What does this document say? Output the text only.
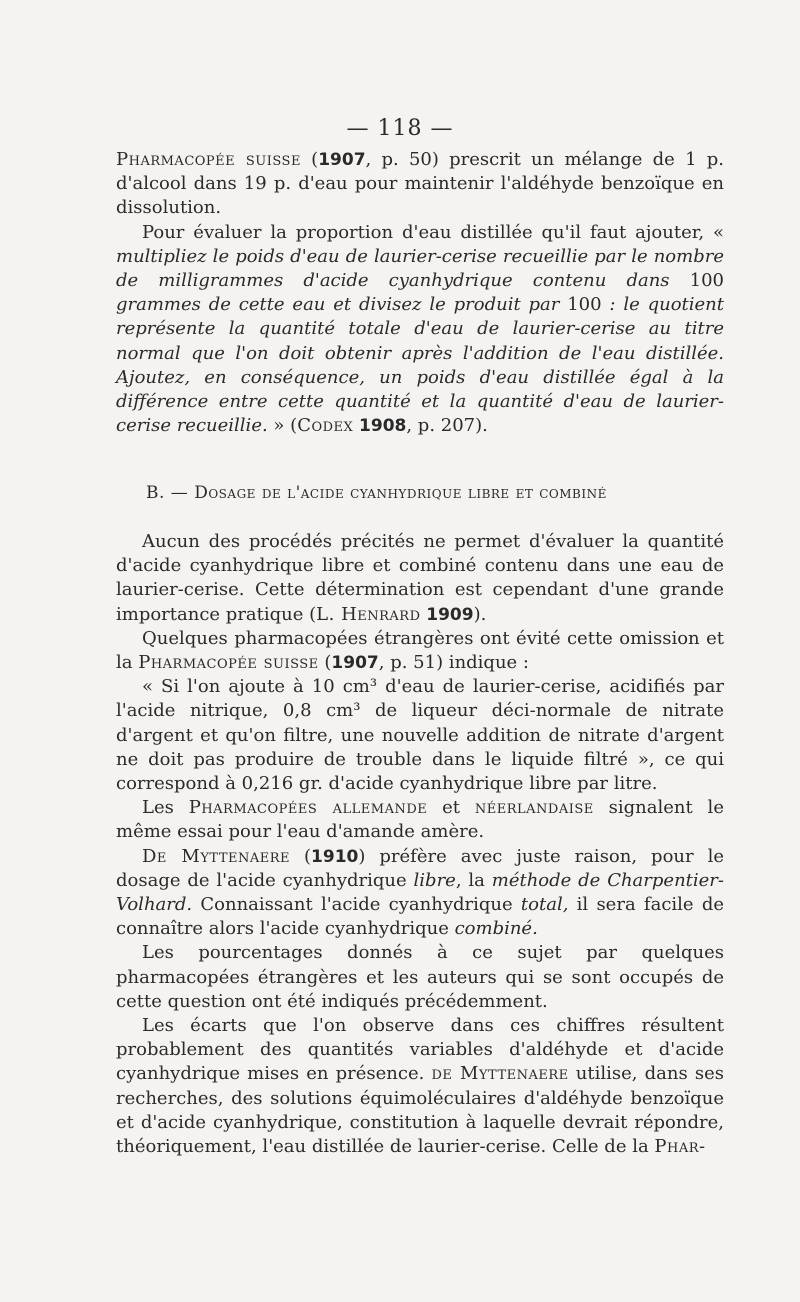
— 118 —

Pharmacopée suisse (1907, p. 50) prescrit un mélange de 1 p. d'alcool dans 19 p. d'eau pour maintenir l'aldéhyde benzoïque en dissolution.

Pour évaluer la proportion d'eau distillée qu'il faut ajouter, « multipliez le poids d'eau de laurier-cerise recueillie par le nombre de milligrammes d'acide cyanhydrique contenu dans 100 grammes de cette eau et divisez le produit par 100 : le quotient représente la quantité totale d'eau de laurier-cerise au titre normal que l'on doit obtenir après l'addition de l'eau distillée. Ajoutez, en conséquence, un poids d'eau distillée égal à la différence entre cette quantité et la quantité d'eau de laurier-cerise recueillie. » (Codex 1908, p. 207).

B. — Dosage de l'acide cyanhydrique libre et combiné

Aucun des procédés précités ne permet d'évaluer la quantité d'acide cyanhydrique libre et combiné contenu dans une eau de laurier-cerise. Cette détermination est cependant d'une grande importance pratique (L. Henrard 1909).

Quelques pharmacopées étrangères ont évité cette omission et la Pharmacopée suisse (1907, p. 51) indique :

« Si l'on ajoute à 10 cm³ d'eau de laurier-cerise, acidifiés par l'acide nitrique, 0,8 cm³ de liqueur déci-normale de nitrate d'argent et qu'on filtre, une nouvelle addition de nitrate d'argent ne doit pas produire de trouble dans le liquide filtré », ce qui correspond à 0,216 gr. d'acide cyanhydrique libre par litre.

Les Pharmacopées allemande et néerlandaise signalent le même essai pour l'eau d'amande amère.

De Myttenaere (1910) préfère avec juste raison, pour le dosage de l'acide cyanhydrique libre, la méthode de Charpentier-Volhard. Connaissant l'acide cyanhydrique total, il sera facile de connaître alors l'acide cyanhydrique combiné.

Les pourcentages donnés à ce sujet par quelques pharmacopées étrangères et les auteurs qui se sont occupés de cette question ont été indiqués précédemment.

Les écarts que l'on observe dans ces chiffres résultent probablement des quantités variables d'aldéhyde et d'acide cyanhydrique mises en présence. de Myttenaere utilise, dans ses recherches, des solutions équimoléculaires d'aldéhyde benzoïque et d'acide cyanhydrique, constitution à laquelle devrait répondre, théoriquement, l'eau distillée de laurier-cerise. Celle de la Phar-
